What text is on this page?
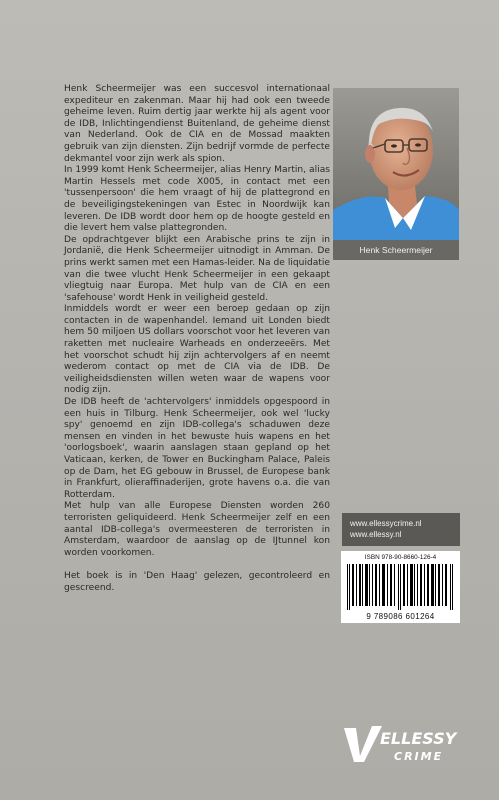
Henk Scheermeijer was een succesvol internationaal expediteur en zakenman. Maar hij had ook een tweede geheime leven. Ruim dertig jaar werkte hij als agent voor de IDB, Inlichtingendienst Buitenland, de geheime dienst van Nederland. Ook de CIA en de Mossad maakten gebruik van zijn diensten. Zijn bedrijf vormde de perfecte dekmantel voor zijn werk als spion.

In 1999 komt Henk Scheermeijer, alias Henry Martin, alias Martin Hessels met code X005, in contact met een 'tussenpersoon' die hem vraagt of hij de plattegrond en de beveiligingstekeningen van Estec in Noordwijk kan leveren. De IDB wordt door hem op de hoogte gesteld en die levert hem valse plattegronden.

De opdrachtgever blijkt een Arabische prins te zijn in Jordanië, die Henk Scheermeijer uitnodigt in Amman. De prins werkt samen met een Hamas-leider. Na de liquidatie van die twee vlucht Henk Scheermeijer in een gekaapt vliegtuig naar Europa. Met hulp van de CIA en een 'safehouse' wordt Henk in veiligheid gesteld.

Inmiddels wordt er weer een beroep gedaan op zijn contacten in de wapenhandel. Iemand uit Londen biedt hem 50 miljoen US dollars voorschot voor het leveren van raketten met nucleaire Warheads en onderzeeërs. Met het voorschot schudt hij zijn achtervolgers af en neemt wederom contact op met de CIA via de IDB. De veiligheidsdiensten willen weten waar de wapens voor nodig zijn.

De IDB heeft de 'achtervolgers' inmiddels opgespoord in een huis in Tilburg. Henk Scheermeijer, ook wel 'lucky spy' genoemd en zijn IDB-collega's schaduwen deze mensen en vinden in het bewuste huis wapens en het 'oorlogsboek', waarin aanslagen staan gepland op het Vaticaan, kerken, de Tower en Buckingham Palace, Paleis op de Dam, het EG gebouw in Brussel, de Europese bank in Frankfurt, olieraffinaderijen, grote havens o.a. die van Rotterdam.

Met hulp van alle Europese Diensten worden 260 terroristen geliquideerd. Henk Scheermeijer zelf en een aantal IDB-collega's overmeesteren de terroristen in Amsterdam, waardoor de aanslag op de IJtunnel kon worden voorkomen.

Het boek is in 'Den Haag' gelezen, gecontroleerd en gescreend.

Henk Scheermeijer
www.ellessycrime.nl
www.ellessy.nl
ISBN 978-90-8660-126-4
9 789086 601264
ELLESSY
CRIME
